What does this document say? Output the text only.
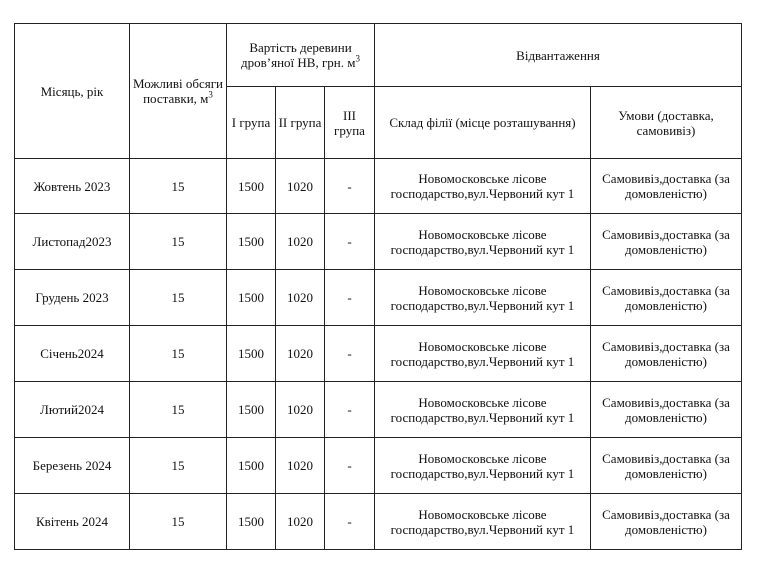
Місяць, рік	Можливі обсяги поставки, $м^3$	Вартість деревини дров’яної НВ, грн. $м^3$			Відвантаження	
		І група	ІІ група	ІІІ група	Склад філії (місце розташування)	Умови (доставка, самовивіз)
Жовтень 2023	15	1500	1020	-	Новомосковське лісове господарство,вул.Червоний кут 1	Самовивіз,доставка (за домовленістю)
Листопад2023	15	1500	1020	-	Новомосковське лісове господарство,вул.Червоний кут 1	Самовивіз,доставка (за домовленістю)
Грудень 2023	15	1500	1020	-	Новомосковське лісове господарство,вул.Червоний кут 1	Самовивіз,доставка (за домовленістю)
Січень2024	15	1500	1020	-	Новомосковське лісове господарство,вул.Червоний кут 1	Самовивіз,доставка (за домовленістю)
Лютий2024	15	1500	1020	-	Новомосковське лісове господарство,вул.Червоний кут 1	Самовивіз,доставка (за домовленістю)
Березень 2024	15	1500	1020	-	Новомосковське лісове господарство,вул.Червоний кут 1	Самовивіз,доставка (за домовленістю)
Квітень 2024	15	1500	1020	-	Новомосковське лісове господарство,вул.Червоний кут 1	Самовивіз,доставка (за домовленістю)
